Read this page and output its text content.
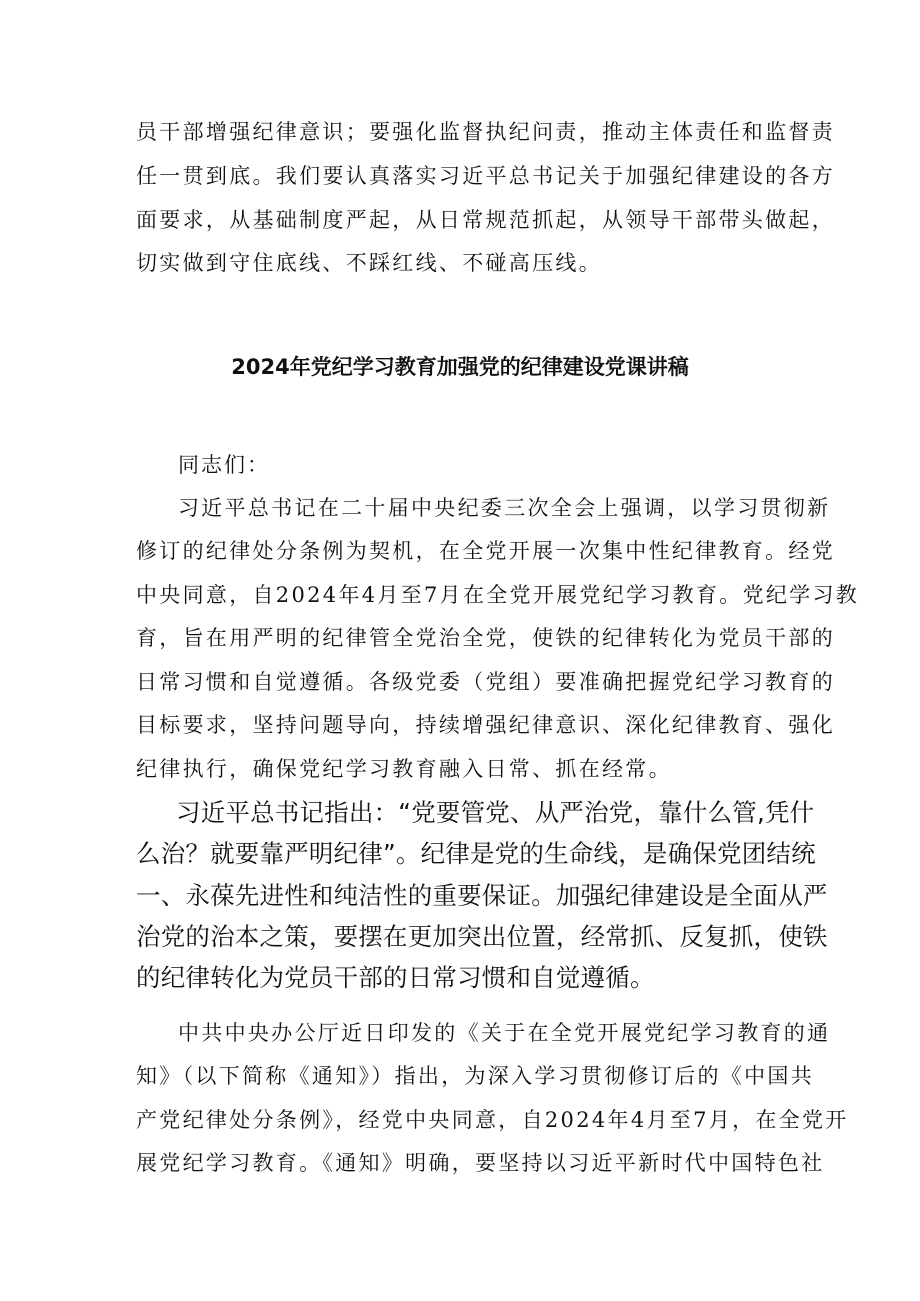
员干部增强纪律意识；要强化监督执纪问责，推动主体责任和监督责
任一贯到底。我们要认真落实习近平总书记关于加强纪律建设的各方
面要求，从基础制度严起，从日常规范抓起，从领导干部带头做起，
切实做到守住底线、不踩红线、不碰高压线。
2024年党纪学习教育加强党的纪律建设党课讲稿
同志们：
习近平总书记在二十届中央纪委三次全会上强调，以学习贯彻新
修订的纪律处分条例为契机，在全党开展一次集中性纪律教育。经党
中央同意，自2024年4月至7月在全党开展党纪学习教育。党纪学习教
育，旨在用严明的纪律管全党治全党，使铁的纪律转化为党员干部的
日常习惯和自觉遵循。各级党委（党组）要准确把握党纪学习教育的
目标要求，坚持问题导向，持续增强纪律意识、深化纪律教育、强化
纪律执行，确保党纪学习教育融入日常、抓在经常。
习近平总书记指出：“党要管党、从严治党，靠什么管,凭什
么治？就要靠严明纪律”。纪律是党的生命线，是确保党团结统
一、永葆先进性和纯洁性的重要保证。加强纪律建设是全面从严
治党的治本之策，要摆在更加突出位置，经常抓、反复抓，使铁
的纪律转化为党员干部的日常习惯和自觉遵循。
中共中央办公厅近日印发的《关于在全党开展党纪学习教育的通
知》（以下简称《通知》）指出，为深入学习贯彻修订后的《中国共
产党纪律处分条例》，经党中央同意，自2024年4月至7月，在全党开
展党纪学习教育。《通知》明确，要坚持以习近平新时代中国特色社
